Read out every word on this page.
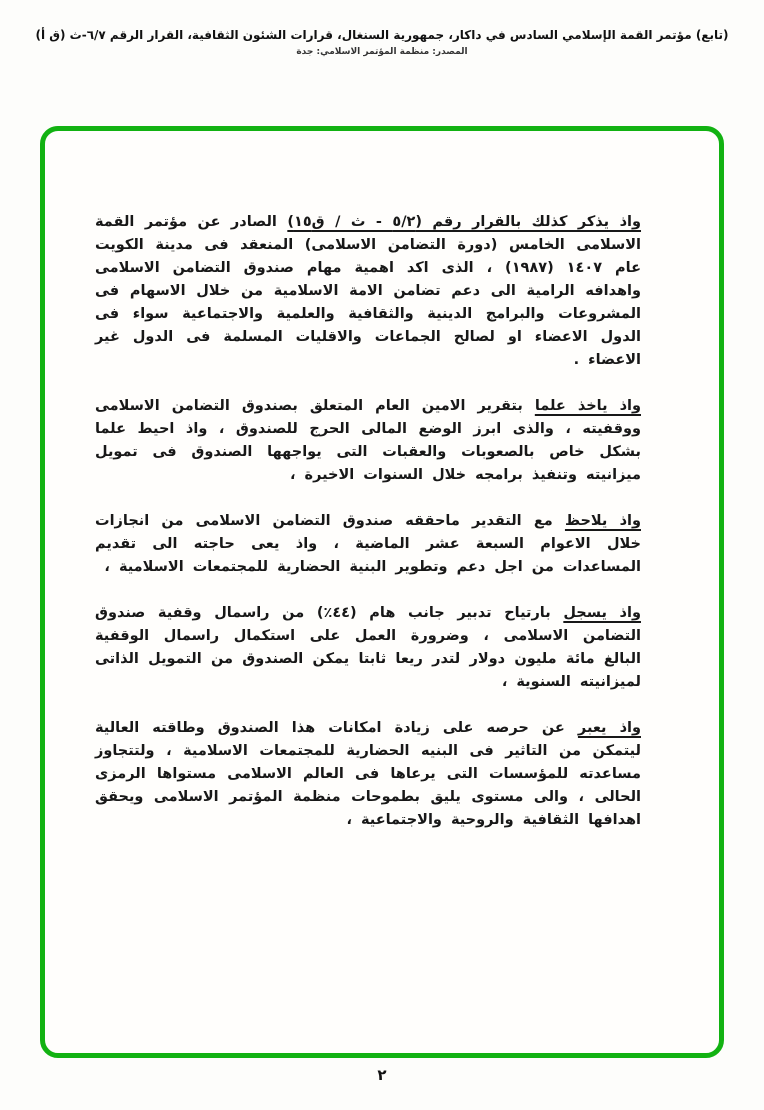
(تابع) مؤتمر القمة الإسلامي السادس في داكار، جمهورية السنغال، قرارات الشئون الثقافية، القرار الرقم ٦/٧-ث (ق أ)
المصدر: منظمة المؤتمر الاسلامي: جدة

واذ يذكر كذلك بالقرار رقم (٥/٢ - ث / ق١٥) الصادر عن مؤتمر القمة الاسلامى الخامس (دورة التضامن الاسلامى) المنعقد فى مدينة الكويت عام ١٤٠٧ (١٩٨٧) ، الذى اكد اهمية مهام صندوق التضامن الاسلامى واهدافه الرامية الى دعم تضامن الامة الاسلامية من خلال الاسهام فى المشروعات والبرامج الدينية والثقافية والعلمية والاجتماعية سواء فى الدول الاعضاء او لصالح الجماعات والاقليات المسلمة فى الدول غير الاعضاء .

واذ ياخذ علما بتقرير الامين العام المتعلق بصندوق التضامن الاسلامى ووقفيته ، والذى ابرز الوضع المالى الحرج للصندوق ، واذ احيط علما بشكل خاص بالصعوبات والعقبات التى يواجهها الصندوق فى تمويل ميزانيته وتنفيذ برامجه خلال السنوات الاخيرة ،

واذ يلاحظ مع التقدير ماحققه صندوق التضامن الاسلامى من انجازات خلال الاعوام السبعة عشر الماضية ، واذ يعى حاجته الى تقديم المساعدات من اجل دعم وتطوير البنية الحضارية للمجتمعات الاسلامية ،

واذ يسجل بارتياح تدبير جانب هام (٤٤٪) من راسمال وقفية صندوق التضامن الاسلامى ، وضرورة العمل على استكمال راسمال الوقفية البالغ مائة مليون دولار لتدر ريعا ثابتا يمكن الصندوق من التمويل الذاتى لميزانيته السنوية ،

واذ يعبر عن حرصه على زيادة امكانات هذا الصندوق وطاقته العالية ليتمكن من التاثير فى البنيه الحضارية للمجتمعات الاسلامية ، ولتتجاوز مساعدته للمؤسسات التى يرعاها فى العالم الاسلامى مستواها الرمزى الحالى ، والى مستوى يليق بطموحات منظمة المؤتمر الاسلامى ويحقق اهدافها الثقافية والروحية والاجتماعية ،

٢
